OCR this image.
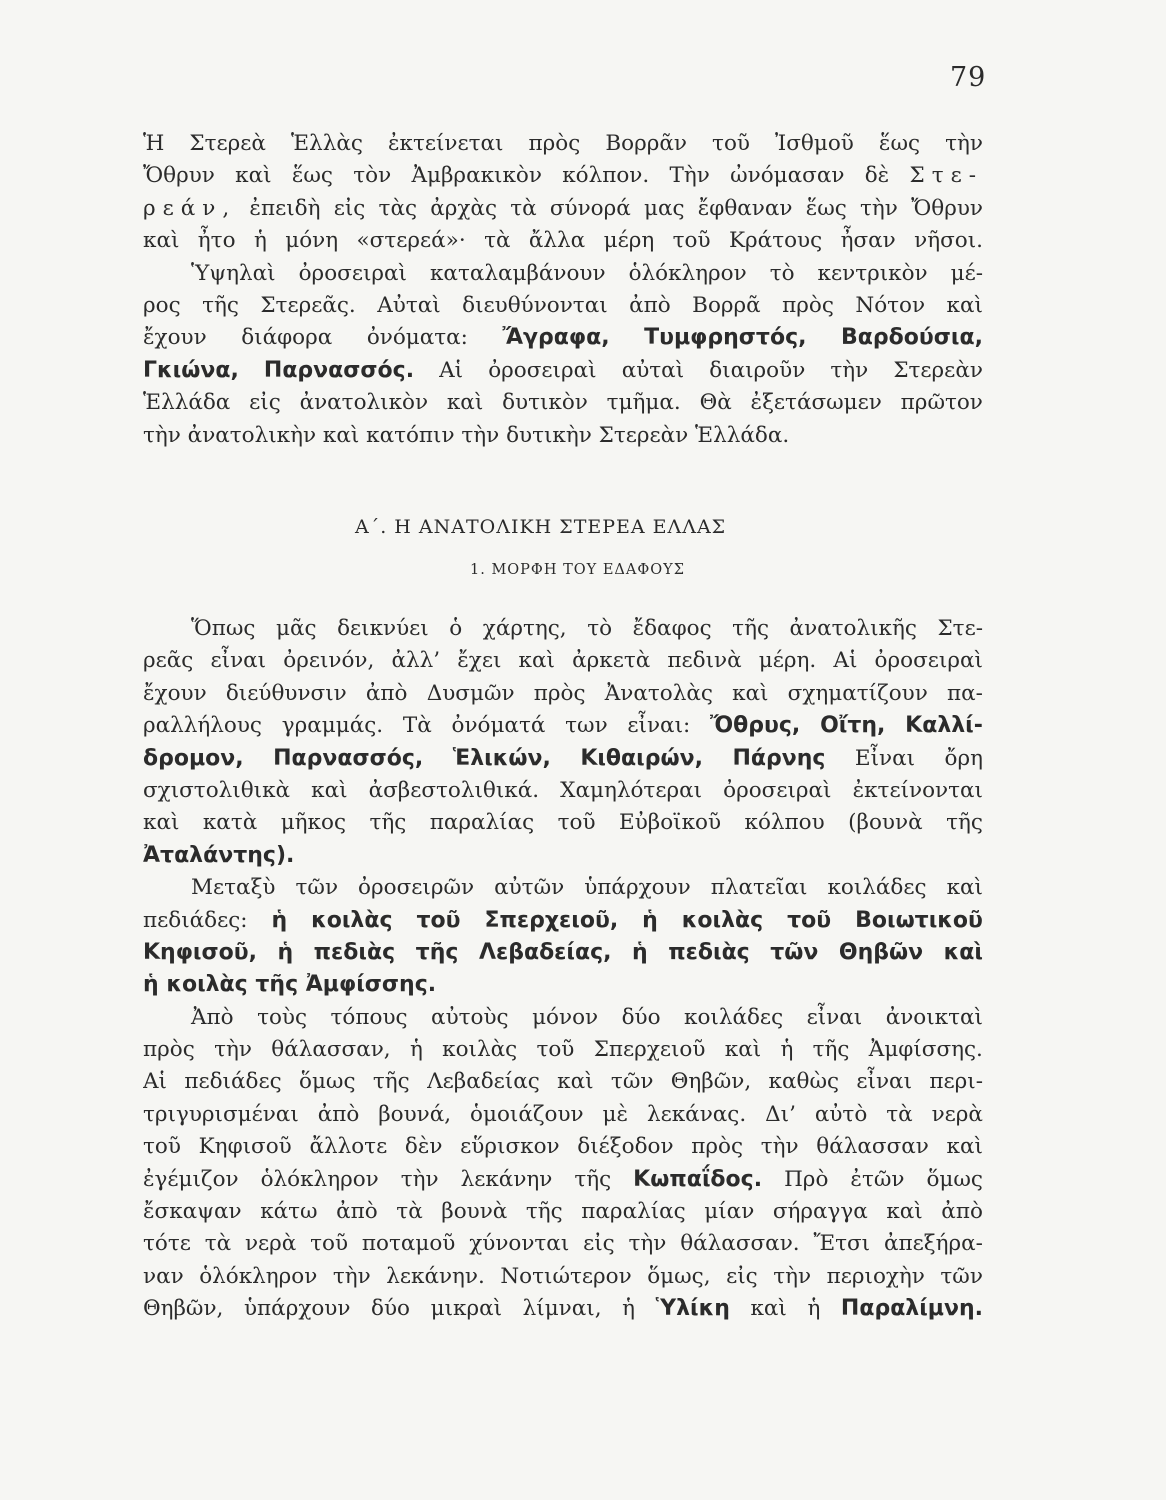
79
Ἡ Στερεὰ Ἑλλὰς ἐκτείνεται πρὸς Βορρᾶν τοῦ Ἰσθμοῦ ἕως τὴν
Ὄθρυν καὶ ἕως τὸν Ἀμβρακικὸν κόλπον. Τὴν ὠνόμασαν δὲ Στε-
ρεάν, ἐπειδὴ εἰς τὰς ἀρχὰς τὰ σύνορά μας ἔφθαναν ἕως τὴν Ὄθρυν
καὶ ἦτο ἡ μόνη «στερεά»· τὰ ἄλλα μέρη τοῦ Κράτους ἦσαν νῆσοι.
Ὑψηλαὶ ὀροσειραὶ καταλαμβάνουν ὁλόκληρον τὸ κεντρικὸν μέ-
ρος τῆς Στερεᾶς. Αὐταὶ διευθύνονται ἀπὸ Βορρᾶ πρὸς Νότον καὶ
ἔχουν διάφορα ὀνόματα: Ἄγραφα, Τυμφρηστός, Βαρδούσια,
Γκιώνα, Παρνασσός. Αἱ ὀροσειραὶ αὐταὶ διαιροῦν τὴν Στερεὰν
Ἑλλάδα εἰς ἀνατολικὸν καὶ δυτικὸν τμῆμα. Θὰ ἐξετάσωμεν πρῶτον
τὴν ἀνατολικὴν καὶ κατόπιν τὴν δυτικὴν Στερεὰν Ἑλλάδα.
Α΄. Η ΑΝΑΤΟΛΙΚΗ ΣΤΕΡΕΑ ΕΛΛΑΣ
1. ΜΟΡΦΗ ΤΟΥ ΕΔΑΦΟΥΣ
Ὅπως μᾶς δεικνύει ὁ χάρτης, τὸ ἔδαφος τῆς ἀνατολικῆς Στε-
ρεᾶς εἶναι ὀρεινόν, ἀλλ’ ἔχει καὶ ἀρκετὰ πεδινὰ μέρη. Αἱ ὀροσειραὶ
ἔχουν διεύθυνσιν ἀπὸ Δυσμῶν πρὸς Ἀνατολὰς καὶ σχηματίζουν πα-
ραλλήλους γραμμάς. Τὰ ὀνόματά των εἶναι: Ὄθρυς, Οἴτη, Καλλί-
δρομον, Παρνασσός, Ἑλικών, Κιθαιρών, Πάρνης Εἶναι ὄρη
σχιστολιθικὰ καὶ ἀσβεστολιθικά. Χαμηλότεραι ὀροσειραὶ ἐκτείνονται
καὶ κατὰ μῆκος τῆς παραλίας τοῦ Εὐβοϊκοῦ κόλπου (βουνὰ τῆς
Ἀταλάντης).
Μεταξὺ τῶν ὀροσειρῶν αὐτῶν ὑπάρχουν πλατεῖαι κοιλάδες καὶ
πεδιάδες: ἡ κοιλὰς τοῦ Σπερχειοῦ, ἡ κοιλὰς τοῦ Βοιωτικοῦ
Κηφισοῦ, ἡ πεδιὰς τῆς Λεβαδείας, ἡ πεδιὰς τῶν Θηβῶν καὶ
ἡ κοιλὰς τῆς Ἀμφίσσης.
Ἀπὸ τοὺς τόπους αὐτοὺς μόνον δύο κοιλάδες εἶναι ἀνοικταὶ
πρὸς τὴν θάλασσαν, ἡ κοιλὰς τοῦ Σπερχειοῦ καὶ ἡ τῆς Ἀμφίσσης.
Αἱ πεδιάδες ὅμως τῆς Λεβαδείας καὶ τῶν Θηβῶν, καθὼς εἶναι περι-
τριγυρισμέναι ἀπὸ βουνά, ὁμοιάζουν μὲ λεκάνας. Δι’ αὐτὸ τὰ νερὰ
τοῦ Κηφισοῦ ἄλλοτε δὲν εὕρισκον διέξοδον πρὸς τὴν θάλασσαν καὶ
ἐγέμιζον ὁλόκληρον τὴν λεκάνην τῆς Κωπαΐδος. Πρὸ ἐτῶν ὅμως
ἔσκαψαν κάτω ἀπὸ τὰ βουνὰ τῆς παραλίας μίαν σήραγγα καὶ ἀπὸ
τότε τὰ νερὰ τοῦ ποταμοῦ χύνονται εἰς τὴν θάλασσαν. Ἔτσι ἀπεξήρα-
ναν ὁλόκληρον τὴν λεκάνην. Νοτιώτερον ὅμως, εἰς τὴν περιοχὴν τῶν
Θηβῶν, ὑπάρχουν δύο μικραὶ λίμναι, ἡ Ὑλίκη καὶ ἡ Παραλίμνη.
